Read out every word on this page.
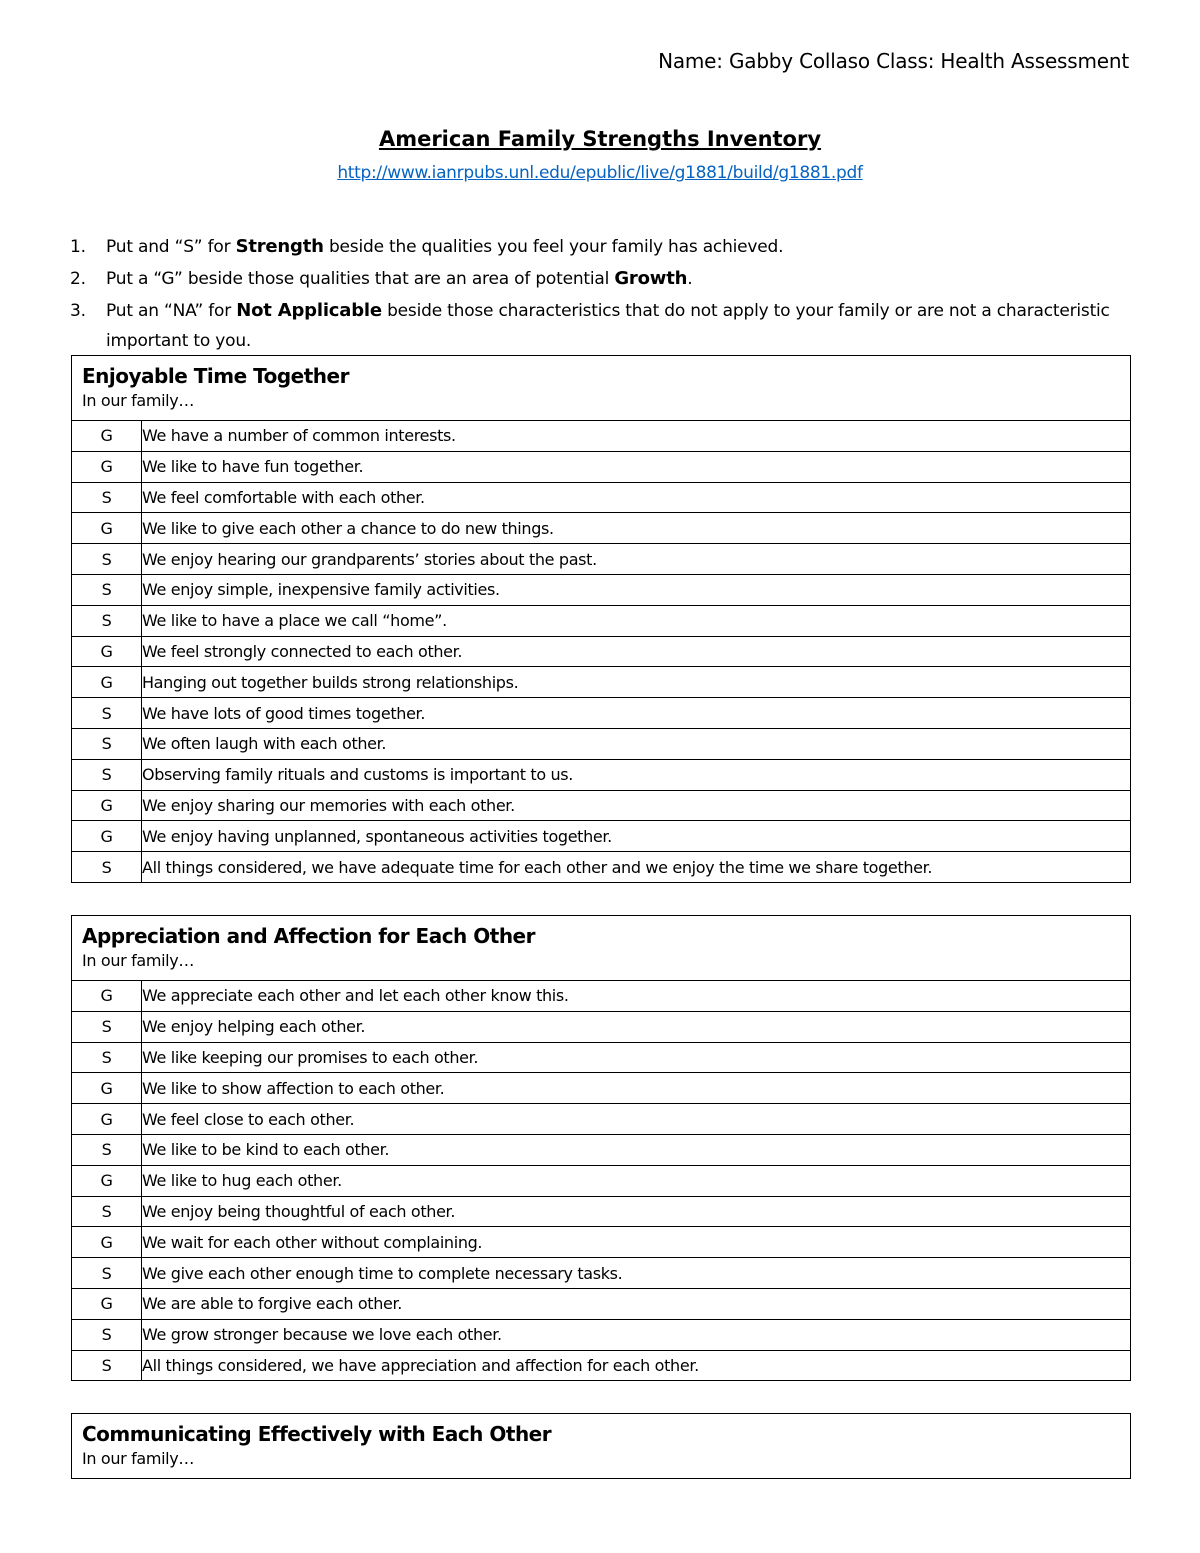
Name: Gabby Collaso Class: Health Assessment
American Family Strengths Inventory
http://www.ianrpubs.unl.edu/epublic/live/g1881/build/g1881.pdf
1. Put and “S” for Strength beside the qualities you feel your family has achieved.
2. Put a “G” beside those qualities that are an area of potential Growth.
3. Put an “NA” for Not Applicable beside those characteristics that do not apply to your family or are not a characteristic important to you.
Enjoyable Time Together
In our family…	

G	We have a number of common interests.
G	We like to have fun together.
S	We feel comfortable with each other.
G	We like to give each other a chance to do new things.
S	We enjoy hearing our grandparents’ stories about the past.
S	We enjoy simple, inexpensive family activities.
S	We like to have a place we call “home”.
G	We feel strongly connected to each other.
G	Hanging out together builds strong relationships.
S	We have lots of good times together.
S	We often laugh with each other.
S	Observing family rituals and customs is important to us.
G	We enjoy sharing our memories with each other.
G	We enjoy having unplanned, spontaneous activities together.
S	All things considered, we have adequate time for each other and we enjoy the time we share together.
Appreciation and Affection for Each Other
In our family…	

G	We appreciate each other and let each other know this.
S	We enjoy helping each other.
S	We like keeping our promises to each other.
G	We like to show affection to each other.
G	We feel close to each other.
S	We like to be kind to each other.
G	We like to hug each other.
S	We enjoy being thoughtful of each other.
G	We wait for each other without complaining.
S	We give each other enough time to complete necessary tasks.
G	We are able to forgive each other.
S	We grow stronger because we love each other.
S	All things considered, we have appreciation and affection for each other.
Communicating Effectively with Each Other
In our family…
